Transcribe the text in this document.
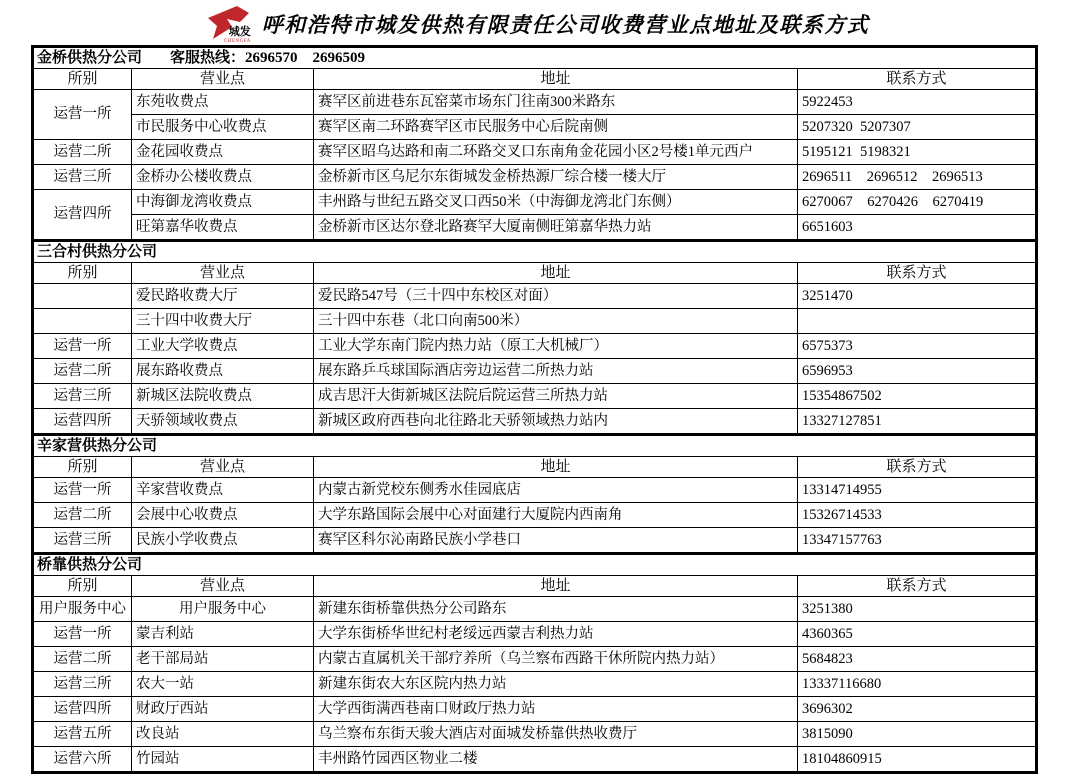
城发
CHENGFA
呼和浩特市城发供热有限责任公司收费营业点地址及联系方式
金桥供热分公司 客服热线：2696570　2696509			
所别	营业点	地址	联系方式
运营一所	东苑收费点	赛罕区前进巷东瓦窑菜市场东门往南300米路东	5922453
	市民服务中心收费点	赛罕区南二环路赛罕区市民服务中心后院南侧	5207320  5207307
运营二所	金花园收费点	赛罕区昭乌达路和南二环路交叉口东南角金花园小区2号楼1单元西户	5195121  5198321
运营三所	金桥办公楼收费点	金桥新市区乌尼尔东街城发金桥热源厂综合楼一楼大厅	2696511　2696512　2696513
运营四所	中海御龙湾收费点	丰州路与世纪五路交叉口西50米（中海御龙湾北门东侧）	6270067　6270426　6270419
	旺第嘉华收费点	金桥新市区达尔登北路赛罕大厦南侧旺第嘉华热力站	6651603
三合村供热分公司			
所别	营业点	地址	联系方式
	爱民路收费大厅	爱民路547号（三十四中东校区对面）	3251470
	三十四中收费大厅	三十四中东巷（北口向南500米）	
运营一所	工业大学收费点	工业大学东南门院内热力站（原工大机械厂）	6575373
运营二所	展东路收费点	展东路乒乓球国际酒店旁边运营二所热力站	6596953
运营三所	新城区法院收费点	成吉思汗大街新城区法院后院运营三所热力站	15354867502
运营四所	天骄领域收费点	新城区政府西巷向北往路北天骄领域热力站内	13327127851
辛家营供热分公司			
所别	营业点	地址	联系方式
运营一所	辛家营收费点	内蒙古新党校东侧秀水佳园底店	13314714955
运营二所	会展中心收费点	大学东路国际会展中心对面建行大厦院内西南角	15326714533
运营三所	民族小学收费点	赛罕区科尔沁南路民族小学巷口	13347157763
桥靠供热分公司			
所别	营业点	地址	联系方式
用户服务中心	用户服务中心	新建东街桥靠供热分公司路东	3251380
运营一所	蒙吉利站	大学东街桥华世纪村老绥远西蒙吉利热力站	4360365
运营二所	老干部局站	内蒙古直属机关干部疗养所（乌兰察布西路干休所院内热力站）	5684823
运营三所	农大一站	新建东街农大东区院内热力站	13337116680
运营四所	财政厅西站	大学西街满西巷南口财政厅热力站	3696302
运营五所	改良站	乌兰察布东街天骏大酒店对面城发桥靠供热收费厅	3815090
运营六所	竹园站	丰州路竹园西区物业二楼	18104860915
